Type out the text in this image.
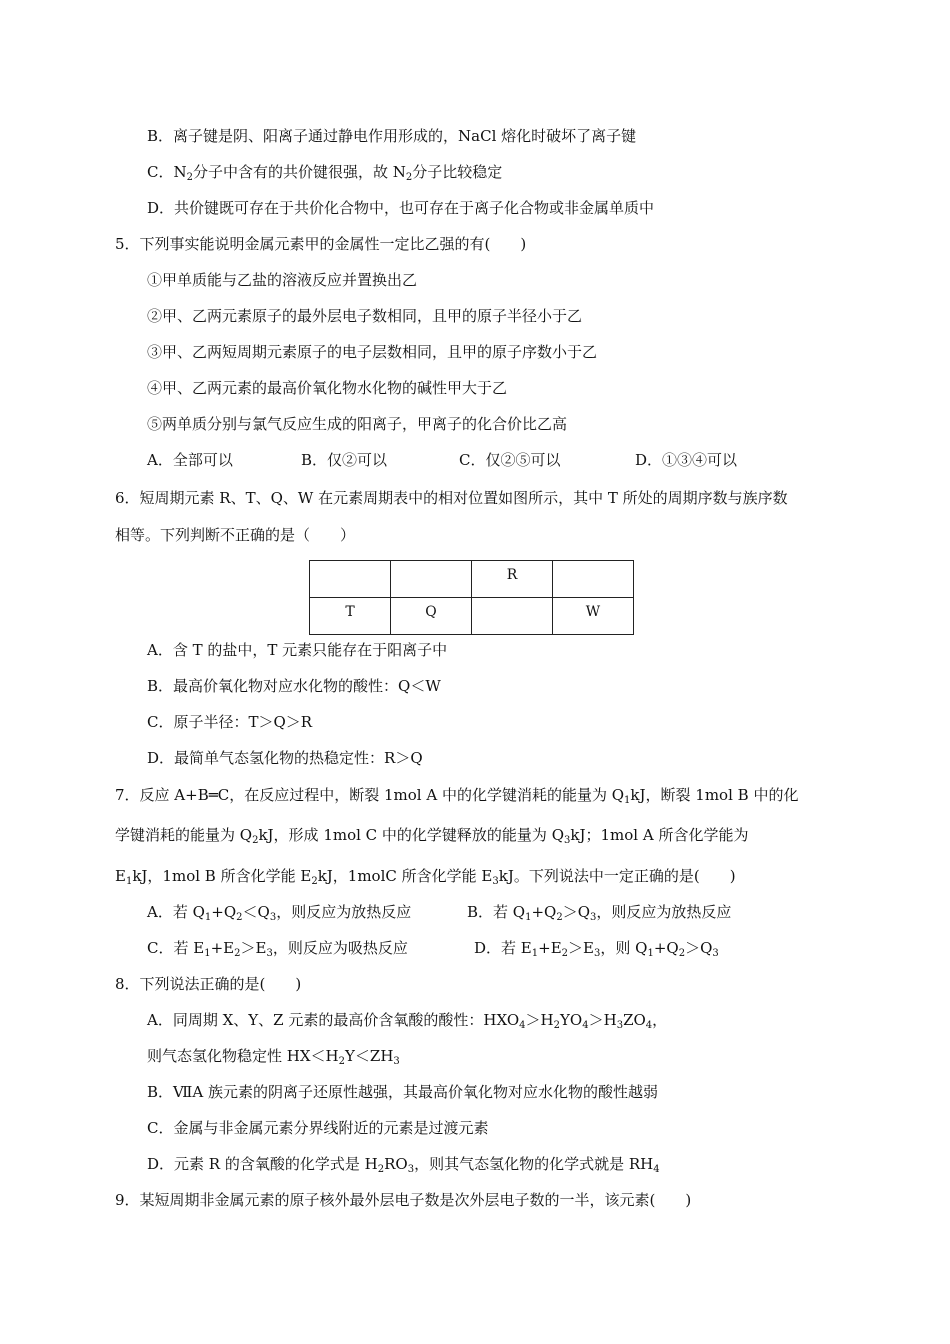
B．离子键是阴、阳离子通过静电作用形成的，NaCl 熔化时破坏了离子键
C．$N_2$分子中含有的共价键很强，故 $N_2$分子比较稳定
D．共价键既可存在于共价化合物中，也可存在于离子化合物或非金属单质中
5．下列事实能说明金属元素甲的金属性一定比乙强的有(　　)
①甲单质能与乙盐的溶液反应并置换出乙
②甲、乙两元素原子的最外层电子数相同，且甲的原子半径小于乙
③甲、乙两短周期元素原子的电子层数相同，且甲的原子序数小于乙
④甲、乙两元素的最高价氧化物水化物的碱性甲大于乙
⑤两单质分别与氯气反应生成的阳离子，甲离子的化合价比乙高
A．全部可以	B．仅②可以	C．仅②⑤可以	D．①③④可以
6．短周期元素 R、T、Q、W 在元素周期表中的相对位置如图所示，其中 T 所处的周期序数与族序数
相等。下列判断不正确的是（　　）
		R	
T	Q		W
A．含 T 的盐中，T 元素只能存在于阳离子中
B．最高价氧化物对应水化物的酸性：Q＜W
C．原子半径：T＞Q＞R
D．最简单气态氢化物的热稳定性：R＞Q
7．反应 A+B═C，在反应过程中，断裂 1mol A 中的化学键消耗的能量为 $Q_1kJ$，断裂 1mol B 中的化
学键消耗的能量为 $Q_2kJ$，形成 1mol C 中的化学键释放的能量为 $Q_3kJ$；1mol A 所含化学能为
$E_1kJ$，1mol B 所含化学能 $E_2kJ$，1molC 所含化学能 $E_3kJ$。下列说法中一定正确的是(　　)
A．若 $Q_1+Q_2<Q_3$，则反应为放热反应	B．若 $Q_1+Q_2>Q_3$，则反应为放热反应
C．若 $E_1+E_2>E_3$，则反应为吸热反应	D．若 $E_1+E_2>E_3$，则 $Q_1+Q_2>Q_3$
8．下列说法正确的是(　　)
A．同周期 X、Y、Z 元素的最高价含氧酸的酸性：$HXO_4>H_2YO_4>H_3ZO_4$，
则气态氢化物稳定性 $HX<H_2Y<ZH_3$
B．ⅦA 族元素的阴离子还原性越强，其最高价氧化物对应水化物的酸性越弱
C．金属与非金属元素分界线附近的元素是过渡元素
D．元素 R 的含氧酸的化学式是 $H_2RO_3$，则其气态氢化物的化学式就是 $RH_4$
9．某短周期非金属元素的原子核外最外层电子数是次外层电子数的一半，该元素(　　)
